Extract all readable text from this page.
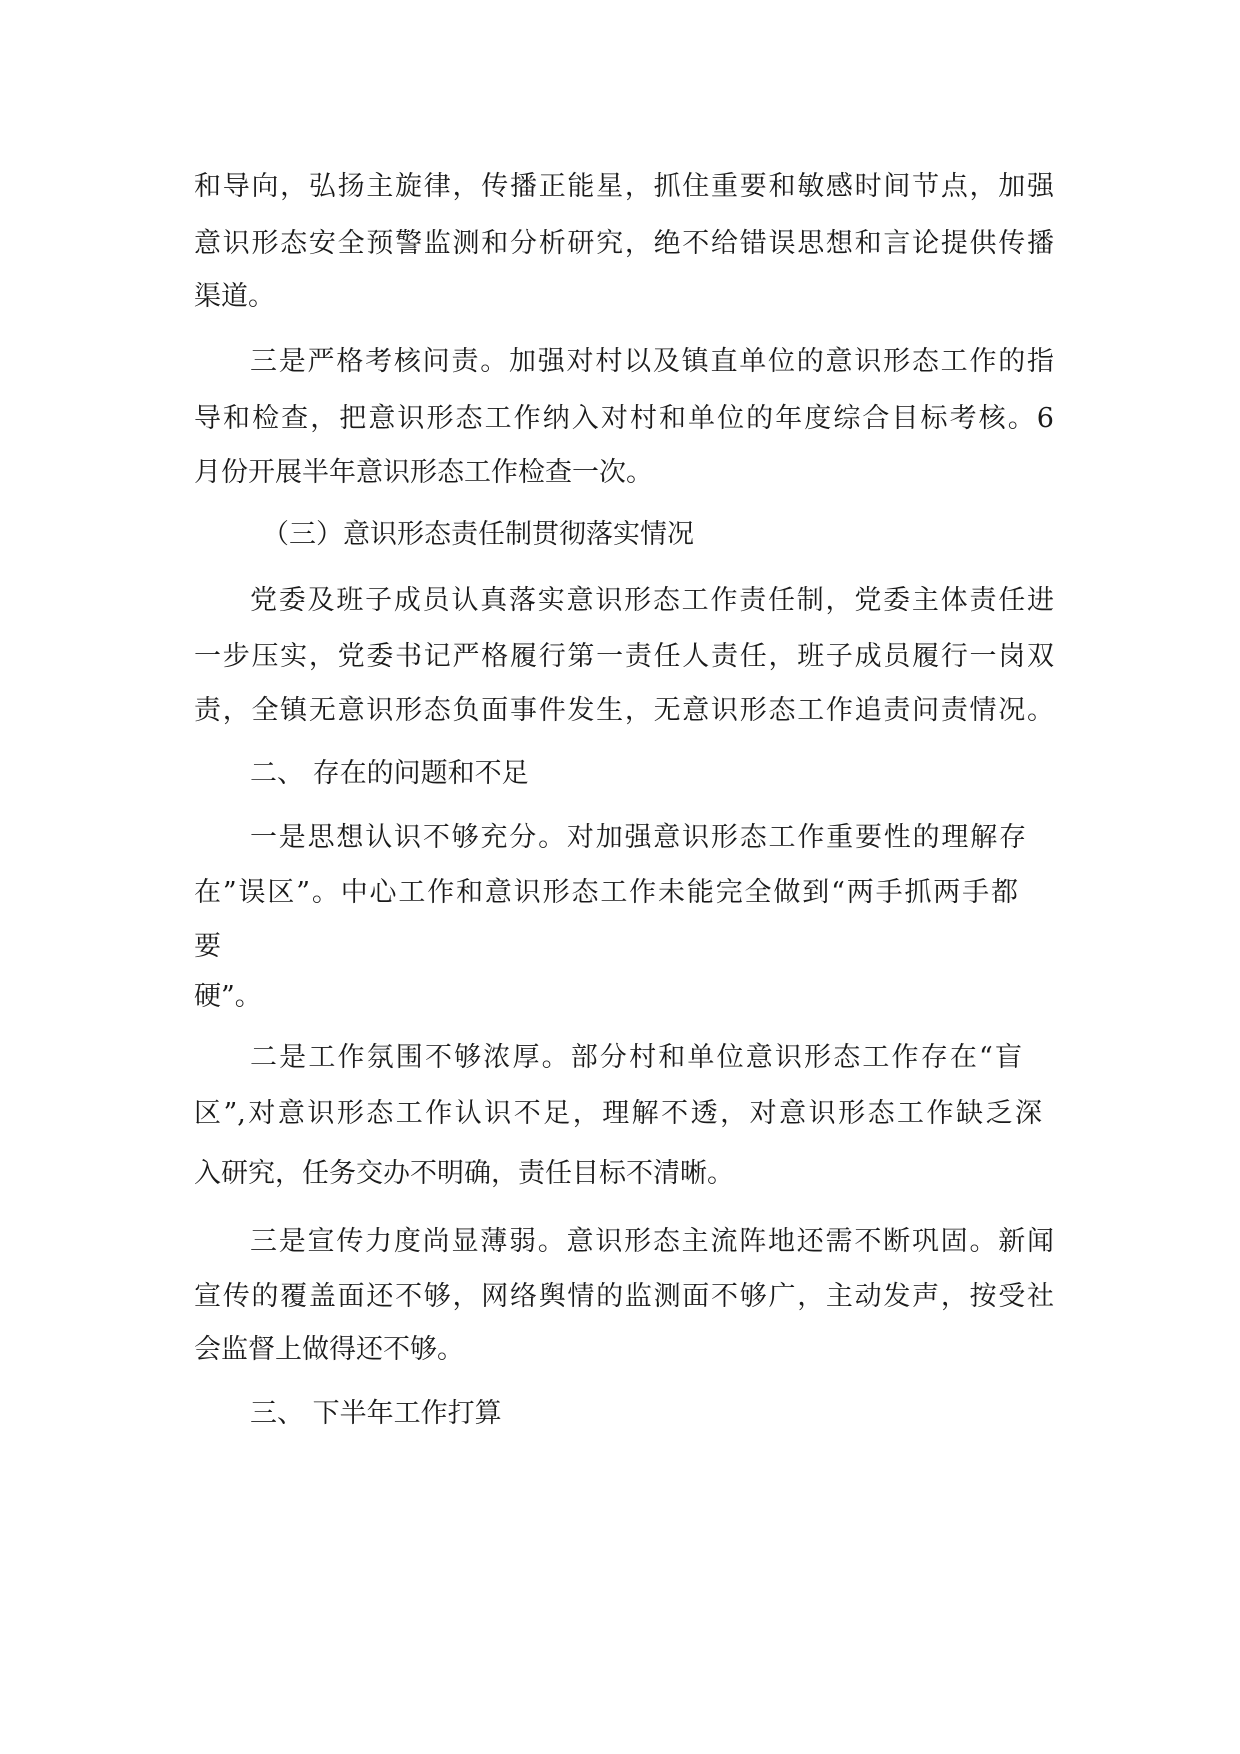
和导向，弘扬主旋律，传播正能星，抓住重要和敏感时间节点，加强
意识形态安全预警监测和分析研究，绝不给错误思想和言论提供传播
渠道。
三是严格考核问责。加强对村以及镇直单位的意识形态工作的指
导和检查，把意识形态工作纳入对村和单位的年度综合目标考核。6
月份开展半年意识形态工作检查一次。
（三）意识形态责任制贯彻落实情况
党委及班子成员认真落实意识形态工作责任制，党委主体责任进
一步压实，党委书记严格履行第一责任人责任，班子成员履行一岗双
责，全镇无意识形态负面事件发生，无意识形态工作追责问责情况。
二、 存在的问题和不足
一是思想认识不够充分。对加强意识形态工作重要性的理解存
在”误区”。中心工作和意识形态工作未能完全做到“两手抓两手都
要
硬”。
二是工作氛围不够浓厚。部分村和单位意识形态工作存在“盲
区”,对意识形态工作认识不足，理解不透，对意识形态工作缺乏深
入研究，任务交办不明确，责任目标不清晰。
三是宣传力度尚显薄弱。意识形态主流阵地还需不断巩固。新闻
宣传的覆盖面还不够，网络舆情的监测面不够广，主动发声，按受社
会监督上做得还不够。
三、 下半年工作打算
